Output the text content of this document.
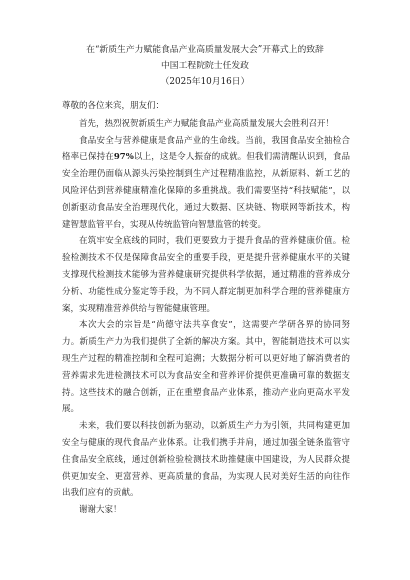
在“新质生产力赋能食品产业高质量发展大会”开幕式上的致辞

中国工程院院士任发政

（2025年10月16日）

尊敬的各位来宾，朋友们：

首先，热烈祝贺新质生产力赋能食品产业高质量发展大会胜利召开！

食品安全与营养健康是食品产业的生命线。当前，我国食品安全抽检合格率已保持在97%以上，这是令人振奋的成就。但我们需清醒认识到，食品安全治理仍面临从源头污染控制到生产过程精准监控，从新原料、新工艺的风险评估到营养健康精准化保障的多重挑战。我们需要坚持“科技赋能”，以创新驱动食品安全治理现代化，通过大数据、区块链、物联网等新技术，构建智慧监管平台，实现从传统监管向智慧监管的转变。

在筑牢安全底线的同时，我们更要致力于提升食品的营养健康价值。检验检测技术不仅是保障食品安全的重要手段，更是提升营养健康水平的关键支撑现代检测技术能够为营养健康研究提供科学依据，通过精准的营养成分分析、功能性成分鉴定等手段，为不同人群定制更加科学合理的营养健康方案，实现精准营养供给与智能健康管理。

本次大会的宗旨是“尚德守法共享食安”，这需要产学研各界的协同努力。新质生产力为我们提供了全新的解决方案。其中，智能制造技术可以实现生产过程的精准控制和全程可追溯；大数据分析可以更好地了解消费者的营养需求先进检测技术可以为食品安全和营养评价提供更准确可靠的数据支持。这些技术的融合创新，正在重塑食品产业体系，推动产业向更高水平发展。

未来，我们要以科技创新为驱动，以新质生产力为引领，共同构建更加安全与健康的现代食品产业体系。让我们携手并肩，通过加强全链条监管守住食品安全底线，通过创新检验检测技术助推健康中国建设，为人民群众提供更加安全、更富营养、更高质量的食品，为实现人民对美好生活的向往作出我们应有的贡献。

谢谢大家！
